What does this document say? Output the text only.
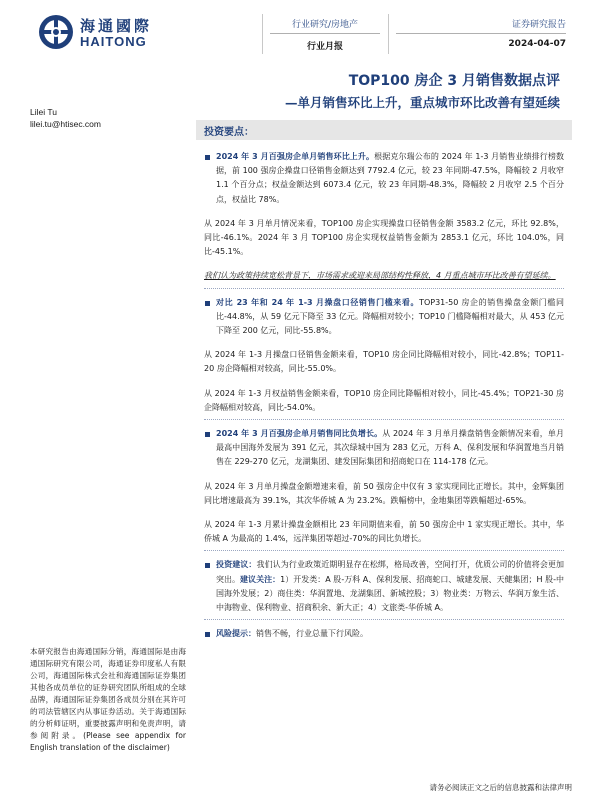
海通國際
HAITONG
行业研究/房地产
行业月报
证券研究报告
2024-04-07
TOP100 房企 3 月销售数据点评
—单月销售环比上升，重点城市环比改善有望延续
Lilei Tu
lilei.tu@htisec.com
投资要点：

2024 年 3 月百强房企单月销售环比上升。根据克尔瑞公布的 2024 年 1-3 月销售业绩排行榜数据，前 100 强房企操盘口径销售金额达到 7792.4 亿元，较 23 年同期-47.5%，降幅较 2 月收窄 1.1 个百分点；权益金额达到 6073.4 亿元，较 23 年同期-48.3%，降幅较 2 月收窄 2.5 个百分点，权益比 78%。

从 2024 年 3 月单月情况来看，TOP100 房企实现操盘口径销售金额 3583.2 亿元，环比 92.8%，同比-46.1%。2024 年 3 月 TOP100 房企实现权益销售金额为 2853.1 亿元，环比 104.0%，同比-45.1%。

我们认为政策持续宽松背景下，市场需求或迎来局部结构性释放，4 月重点城市环比改善有望延续。

对比 23 年和 24 年 1-3 月操盘口径销售门槛来看。TOP31-50 房企的销售操盘金额门槛同比-44.8%，从 59 亿元下降至 33 亿元。降幅相对较小；TOP10 门槛降幅相对最大，从 453 亿元下降至 200 亿元，同比-55.8%。

从 2024 年 1-3 月操盘口径销售金额来看，TOP10 房企同比降幅相对较小，同比-42.8%；TOP11-20 房企降幅相对较高，同比-55.0%。

从 2024 年 1-3 月权益销售金额来看，TOP10 房企同比降幅相对较小，同比-45.4%；TOP21-30 房企降幅相对较高，同比-54.0%。

2024 年 3 月百强房企单月销售同比负增长。从 2024 年 3 月单月操盘销售金额情况来看，单月最高中国海外发展为 391 亿元，其次绿城中国为 283 亿元，万科 A、保利发展和华润置地当月销售在 229-270 亿元，龙湖集团、建发国际集团和招商蛇口在 114-178 亿元。

从 2024 年 3 月单月操盘金额增速来看，前 50 强房企中仅有 3 家实现同比正增长。其中，金辉集团同比增速最高为 39.1%，其次华侨城 A 为 23.2%。跌幅榜中，金地集团等跌幅超过-65%。

从 2024 年 1-3 月累计操盘金额相比 23 年同期值来看，前 50 强房企中 1 家实现正增长。其中，华侨城 A 为最高的 1.4%，远洋集团等超过-70%的同比负增长。

投资建议：我们认为行业政策近期明显存在松绑，格局改善，空间打开，优质公司的价值将会更加突出。建议关注：1）开发类：A 股-万科 A、保利发展、招商蛇口、城建发展、天健集团；H 股-中国海外发展；2）商住类：华润置地、龙湖集团、新城控股；3）物业类：万物云、华润万象生活、中海物业、保利物业、招商积余、新大正；4）文旅类-华侨城 A。

风险提示：销售不畅，行业总量下行风险。

本研究报告由海通国际分销，海通国际是由海通国际研究有限公司，海通证券印度私人有限公司，海通国际株式会社和海通国际证券集团其他各成员单位的证券研究团队所组成的全球品牌，海通国际证券集团各成员分别在其许可的司法管辖区内从事证券活动。关于海通国际的分析师证明，重要披露声明和免责声明，请参阅附录。(Please see appendix for English translation of the disclaimer)
请务必阅读正文之后的信息披露和法律声明
